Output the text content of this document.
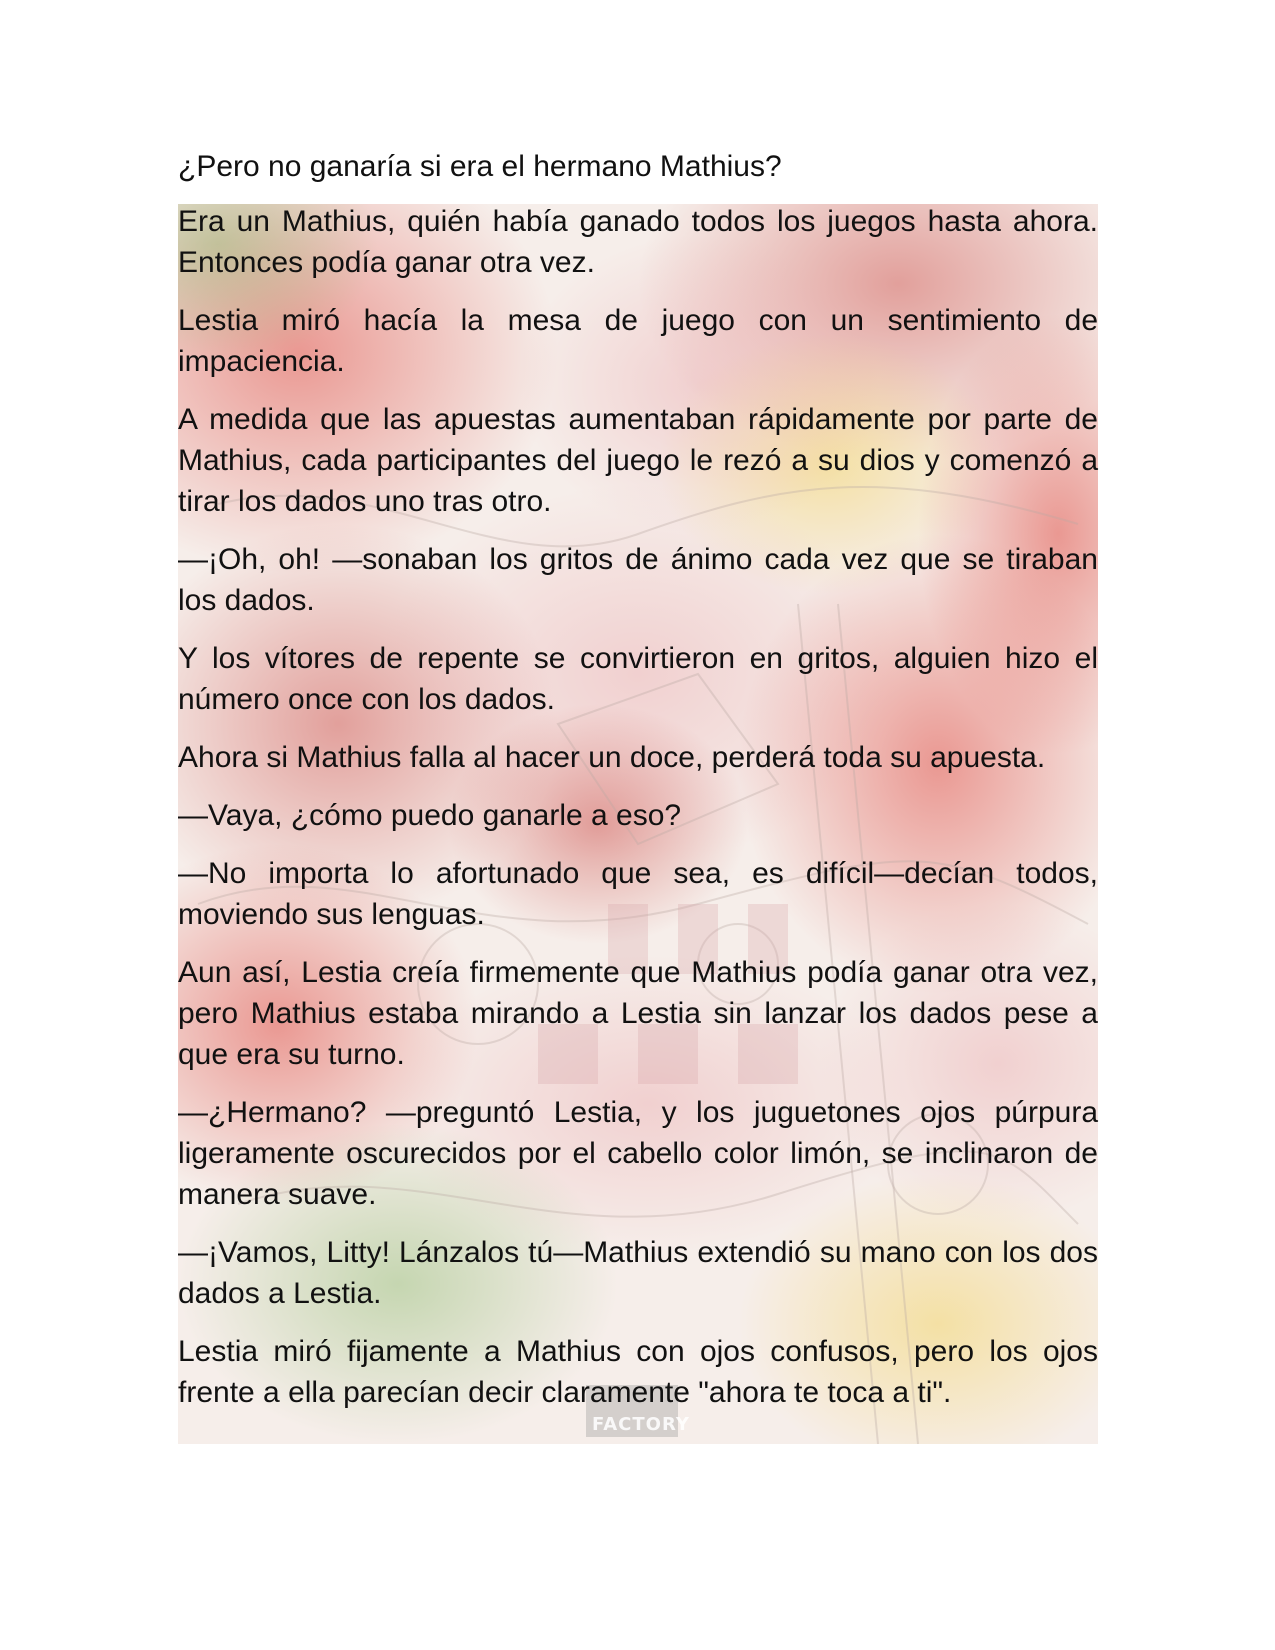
FACTORY

¿Pero no ganaría si era el hermano Mathius?

Era un Mathius, quién había ganado todos los juegos hasta ahora. Entonces podía ganar otra vez.

Lestia miró hacía la mesa de juego con un sentimiento de impaciencia.

A medida que las apuestas aumentaban rápidamente por parte de Mathius, cada participantes del juego le rezó a su dios y comenzó a tirar los dados uno tras otro.

—¡Oh, oh! —sonaban los gritos de ánimo cada vez que se tiraban los dados.

Y los vítores de repente se convirtieron en gritos, alguien hizo el número once con los dados.

Ahora si Mathius falla al hacer un doce, perderá toda su apuesta.

—Vaya, ¿cómo puedo ganarle a eso?

—No importa lo afortunado que sea, es difícil—decían todos, moviendo sus lenguas.

Aun así, Lestia creía firmemente que Mathius podía ganar otra vez, pero Mathius estaba mirando a Lestia sin lanzar los dados pese a que era su turno.

—¿Hermano? —preguntó Lestia, y los juguetones ojos púrpura ligeramente oscurecidos por el cabello color limón, se inclinaron de manera suave.

—¡Vamos, Litty! Lánzalos tú—Mathius extendió su mano con los dos dados a Lestia.

Lestia miró fijamente a Mathius con ojos confusos, pero los ojos frente a ella parecían decir claramente "ahora te toca a ti".
